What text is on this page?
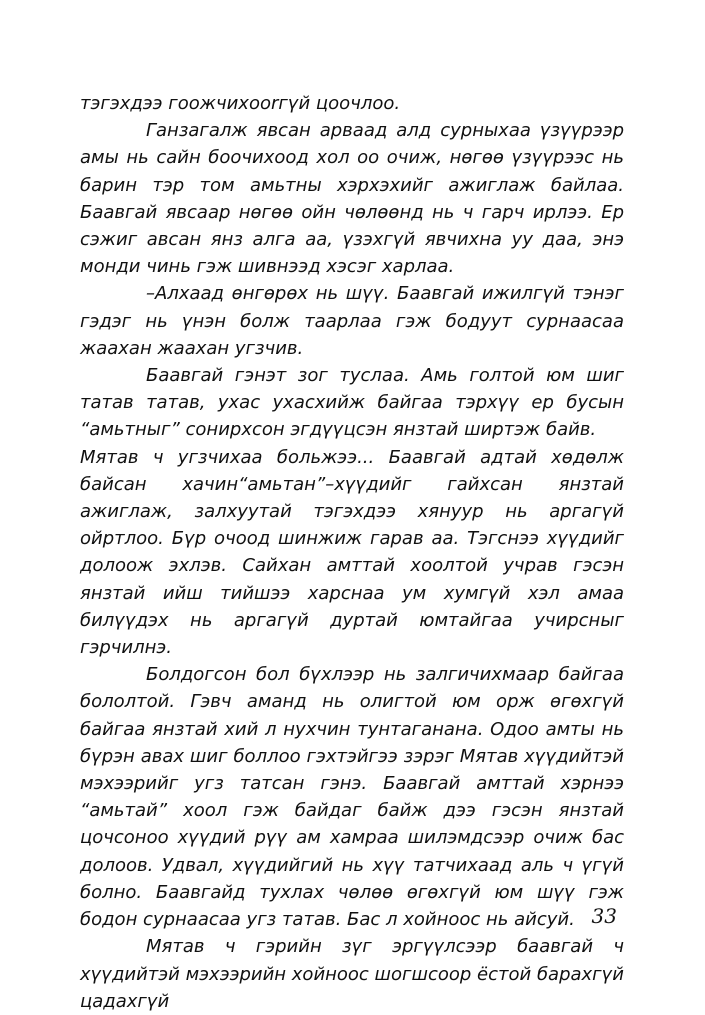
тэгэхдээ гоожчихоorгүй цоочлоо.

Ганзагалж явсан арваад алд сурныхаа үзүүрээр амы нь сайн боочихоод хол оо очиж, нөгөө үзүүрээс нь барин тэр том амьтны хэрхэхийг ажиглаж байлаа. Баавгай явсаар нөгөө ойн чөлөөнд нь ч гарч ирлээ. Ер сэжиг авсан янз алга аа, үзэхгүй явчихна уу даа, энэ монди чинь гэж шивнээд хэсэг харлаа.

–Алхаад өнгөрөх нь шүү. Баавгай ижилгүй тэнэг гэдэг нь үнэн болж таарлаа гэж бодуут сурнаасаа жаахан жаахан угзчив.

Баавгай гэнэт зог туслаа. Амь голтой юм шиг татав татав, ухас ухасхийж байгаа тэрхүү ер бусын “амьтныг” сонирхсон эгдүүцсэн янзтай ширтэж байв.

Мятав ч угзчихаа больжээ... Баавгай адтай хөдөлж байсан хачин“амьтан”–хүүдийг гайхсан янзтай ажиглаж, залхуутай тэгэхдээ хянуур нь аргагүй ойртлоо. Бүр очоод шинжиж гарав аа. Тэгснээ хүүдийг долоож эхлэв. Сайхан амттай хоолтой учрав гэсэн янзтай ийш тийшээ харснаа ум хумгүй хэл амаа билүүдэх нь аргагүй дуртай юмтайгаа учирсныг гэрчилнэ.

Болдогсон бол бүхлээр нь залгичихмаар байгаа бололтой. Гэвч аманд нь олигтой юм орж өгөхгүй байгаа янзтай хий л нухчин тунтаганана. Одоо амты нь бүрэн авах шиг боллоо гэхтэйгээ зэрэг Мятав хүүдийтэй мэхээрийг угз татсан гэнэ. Баавгай амттай хэрнээ “амьтай” хоол гэж байдаг байж дээ гэсэн янзтай цочсоноо хүүдий рүү ам хамраа шилэмдсээр очиж бас долоов. Удвал, хүүдийгий нь хүү татчихаад аль ч үгүй болно. Баавгайд тухлах чөлөө өгөхгүй юм шүү гэж бодон сурнаасаа угз татав. Бас л хойноос нь айсуй.

Мятав ч гэрийн зүг эргүүлсээр баавгай ч хүүдийтэй мэхээрийн хойноос шогшсоор ёстой барахгүй цадахгүй

33
